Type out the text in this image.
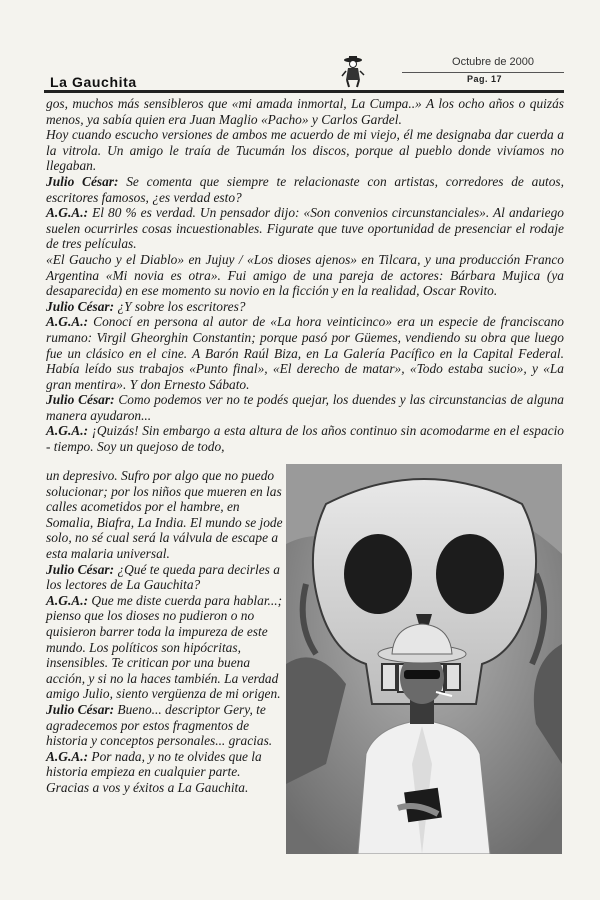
Octubre de 2000
Pag. 17
La Gauchita

gos, muchos más sensibleros que «mi amada inmortal, La Cumpa..» A los ocho años o quizás menos, ya sabía quien era Juan Maglio «Pacho» y Carlos Gardel.

Hoy cuando escucho versiones de ambos me acuerdo de mi viejo, él me designaba dar cuerda a la vitrola. Un amigo le traía de Tucumán los discos, porque al pueblo donde vivíamos no llegaban.

Julio César: Se comenta que siempre te relacionaste con artistas, corredores de autos, escritores famosos, ¿es verdad esto?

A.G.A.: El 80 % es verdad. Un pensador dijo: «Son convenios circunstanciales». Al andariego suelen ocurrirles cosas incuestionables. Figurate que tuve oportunidad de presenciar el rodaje de tres películas.

«El Gaucho y el Diablo» en Jujuy / «Los dioses ajenos» en Tilcara, y una producción Franco Argentina «Mi novia es otra». Fui amigo de una pareja de actores: Bárbara Mujica (ya desaparecida) en ese momento su novio en la ficción y en la realidad, Oscar Rovito.

Julio César: ¿Y sobre los escritores?

A.G.A.: Conocí en persona al autor de «La hora veinticinco» era un especie de franciscano rumano: Virgil Gheorghin Constantin; porque pasó por Güemes, vendiendo su obra que luego fue un clásico en el cine. A Barón Raúl Biza, en La Galería Pacífico en la Capital Federal. Había leído sus trabajos «Punto final», «El derecho de matar», «Todo estaba sucio», y «La gran mentira». Y don Ernesto Sábato.

Julio César: Como podemos ver no te podés quejar, los duendes y las circunstancias de alguna manera ayudaron...

A.G.A.: ¡Quizás! Sin embargo a esta altura de los años continuo sin acomodarme en el espacio - tiempo. Soy un quejoso de todo,

un depresivo. Sufro por algo que no puedo solucionar; por los niños que mueren en las calles acometidos por el hambre, en Somalia, Biafra, La India. El mundo se jode solo, no sé cual será la válvula de escape a esta malaria universal.

Julio César: ¿Qué te queda para decirles a los lectores de La Gauchita?

A.G.A.: Que me diste cuerda para hablar...; pienso que los dioses no pudieron o no quisieron barrer toda la impureza de este mundo. Los políticos son hipócritas, insensibles. Te critican por una buena acción, y si no la haces también. La verdad amigo Julio, siento vergüenza de mi origen.

Julio César: Bueno... descriptor Gery, te agradecemos por estos fragmentos de historia y conceptos personales... gracias.

A.G.A.: Por nada, y no te olvides que la historia empieza en cualquier parte. Gracias a vos y éxitos a La Gauchita.
